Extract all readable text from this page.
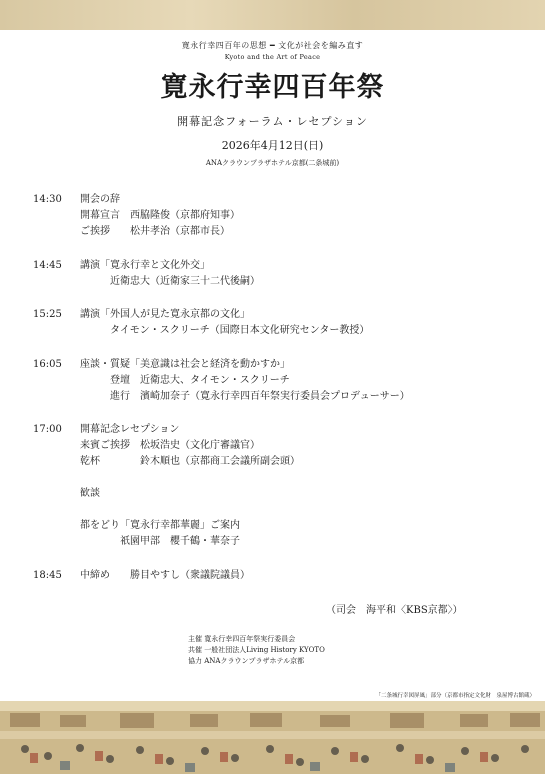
寛永行幸四百年の思想 ━ 文化が社会を編み直す
Kyoto and the Art of Peace
寛永行幸四百年祭
開幕記念フォーラム・レセプション
2026年4月12日(日)
ANAクラウンプラザホテル京都(二条城前)
14:30	開会の辞
開幕宣言　西脇隆俊（京都府知事）
ご挨拶　　松井孝治（京都市長）
14:45	講演「寛永行幸と文化外交」
　　　近衛忠大（近衛家三十二代後嗣）
15:25	講演「外国人が見た寛永京都の文化」
　　　タイモン・スクリーチ（国際日本文化研究センター教授）
16:05	座談・質疑「美意識は社会と経済を動かすか」
　　　登壇　近衛忠大、タイモン・スクリーチ
　　　進行　濱崎加奈子（寛永行幸四百年祭実行委員会プロデューサー）
17:00	開幕記念レセプション
来賓ご挨拶　松坂浩史（文化庁審議官）
乾杯　　　　鈴木順也（京都商工会議所副会頭）

歓談

都をどり「寛永行幸都華麗」ご案内
　　　　祇園甲部　櫻千鶴・華奈子
18:45	中締め　　勝目やすし（衆議院議員）
（司会　海平和〈KBS京都〉）
主催 寛永行幸四百年祭実行委員会
共催 一般社団法人Living History KYOTO
協力 ANAクラウンプラザホテル京都
「二条城行幸図屏風」部分（京都市指定文化財　泉屋博古館蔵）
